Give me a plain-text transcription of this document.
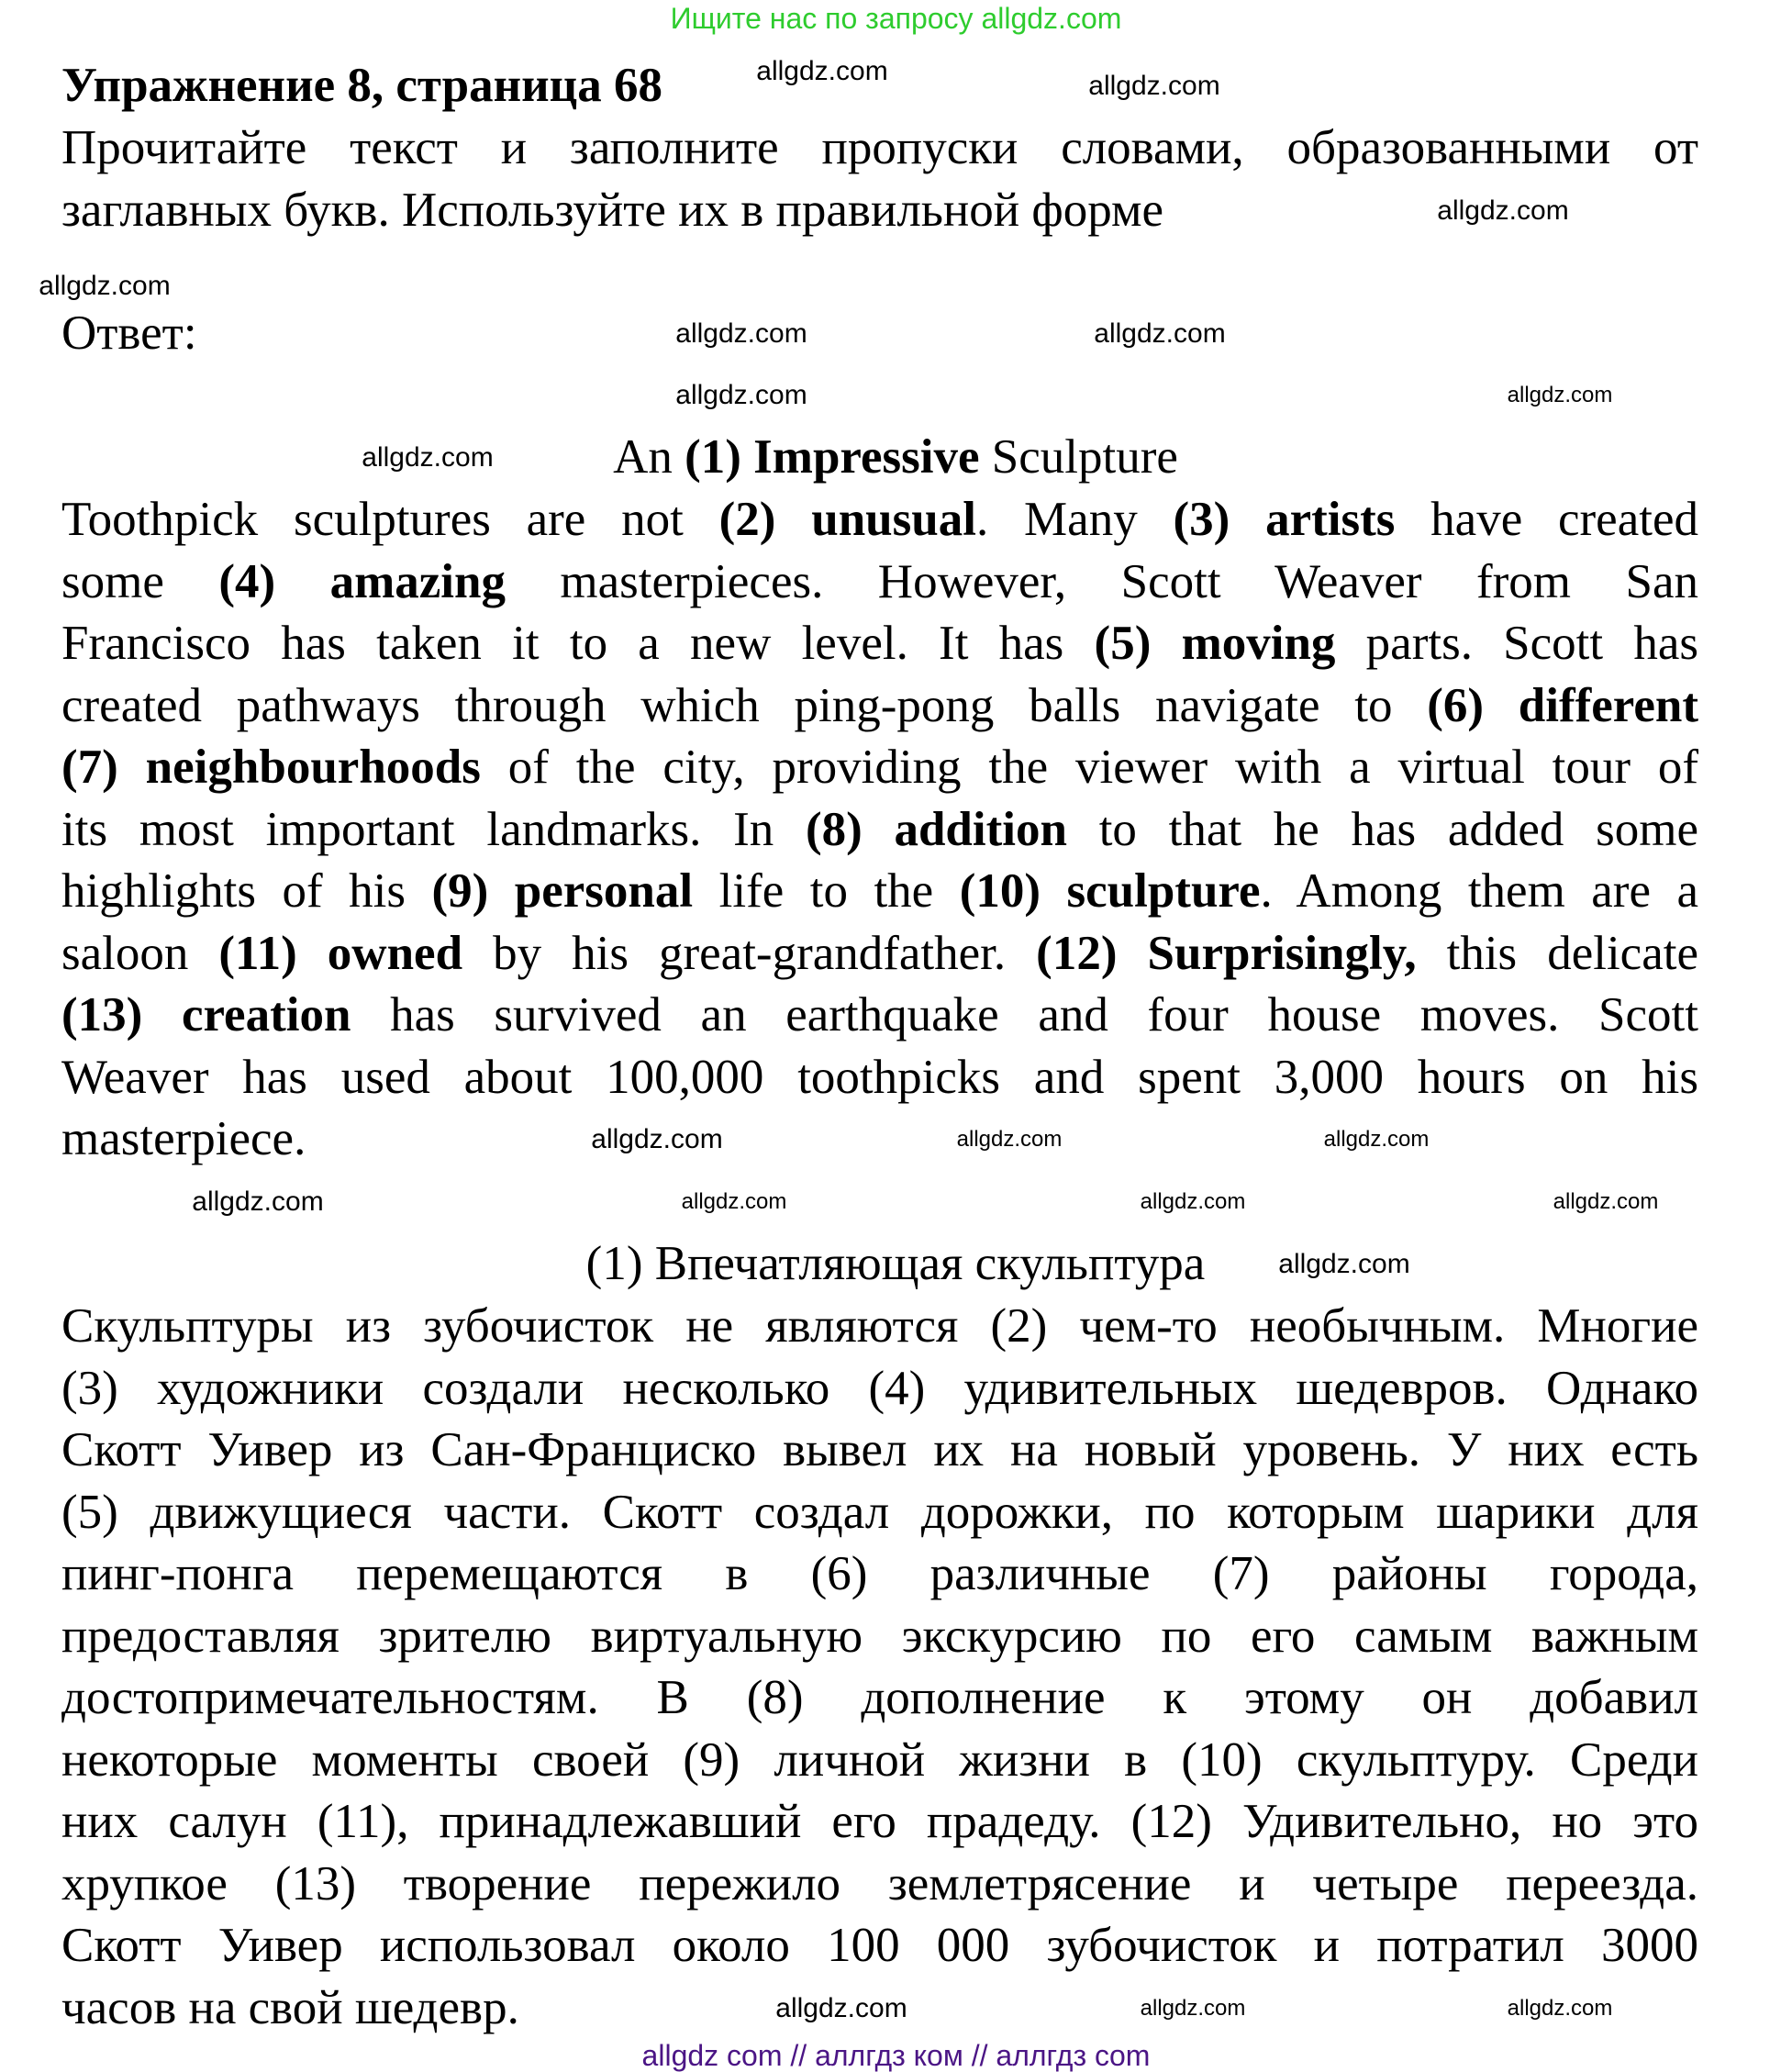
Ищите нас по запросу allgdz.com
Упражнение 8, страница 68
Прочитайте текст и заполните пропуски словами, образованными от
заглавных букв. Используйте их в правильной форме
Ответ:
An (1) Impressive Sculpture
Toothpick sculptures are not (2) unusual. Many (3) artists have created
some (4) amazing masterpieces. However, Scott Weaver from San
Francisco has taken it to a new level. It has (5) moving parts. Scott has
created pathways through which ping-pong balls navigate to (6) different
(7) neighbourhoods of the city, providing the viewer with a virtual tour of
its most important landmarks. In (8) addition to that he has added some
highlights of his (9) personal life to the (10) sculpture. Among them are a
saloon (11) owned by his great-grandfather. (12) Surprisingly, this delicate
(13) creation has survived an earthquake and four house moves. Scott
Weaver has used about 100,000 toothpicks and spent 3,000 hours on his
masterpiece.
(1) Впечатляющая скульптура
Скульптуры из зубочисток не являются (2) чем-то необычным. Многие
(3) художники создали несколько (4) удивительных шедевров. Однако
Скотт Уивер из Сан-Франциско вывел их на новый уровень. У них есть
(5) движущиеся части. Скотт создал дорожки, по которым шарики для
пинг-понга перемещаются в (6) различные (7) районы города,
предоставляя зрителю виртуальную экскурсию по его самым важным
достопримечательностям. В (8) дополнение к этому он добавил
некоторые моменты своей (9) личной жизни в (10) скульптуру. Среди
них салун (11), принадлежавший его прадеду. (12) Удивительно, но это
хрупкое (13) творение пережило землетрясение и четыре переезда.
Скотт Уивер использовал около 100 000 зубочисток и потратил 3000
часов на свой шедевр.
allgdz.com	allgdz.com
allgdz.com
allgdz.com
allgdz.com
allgdz.com
allgdz.com	allgdz.com
allgdz.com
allgdz.com	allgdz.com	allgdz.com
allgdz.com	allgdz.com	allgdz.com	allgdz.com
allgdz.com
allgdz.com	allgdz.com	allgdz.com
allgdz com // аллгдз ком // аллгдз com
